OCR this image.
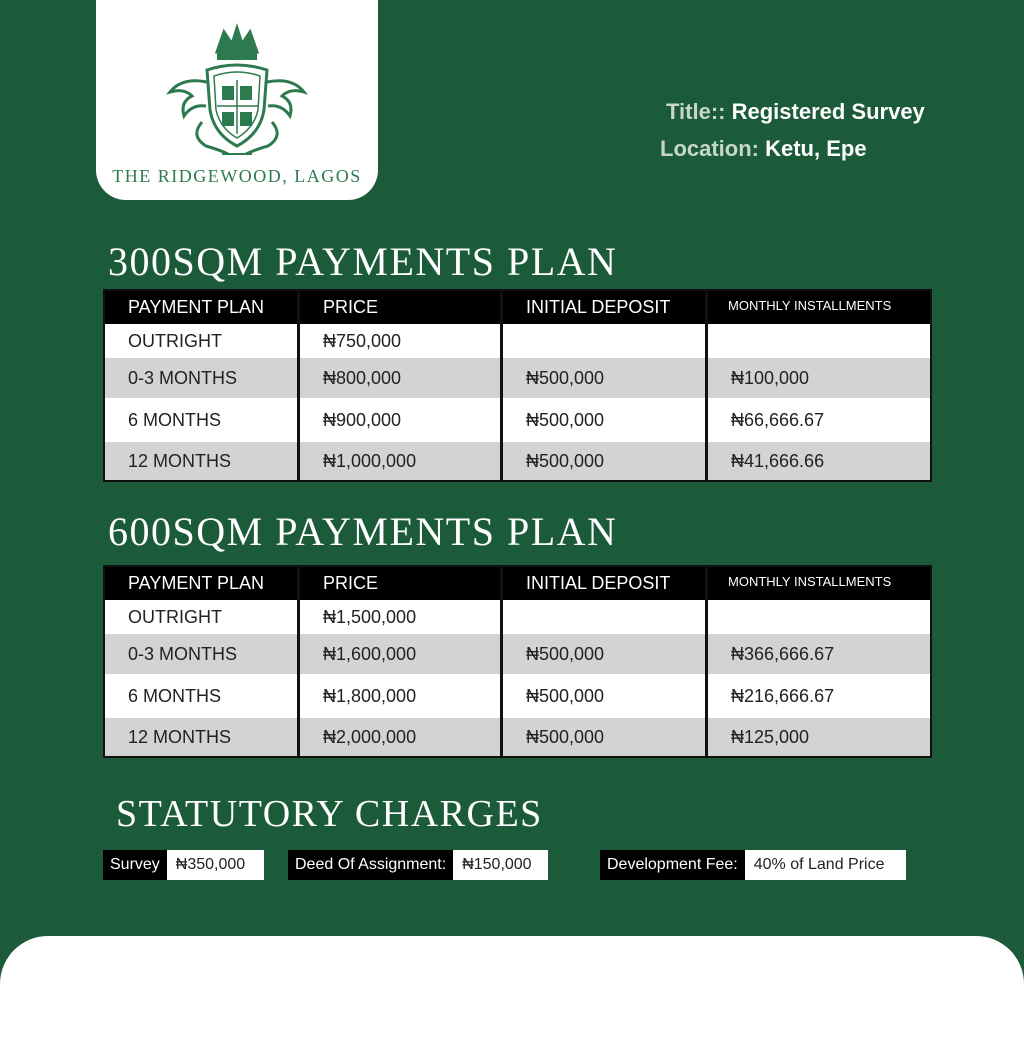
THE RIDGEWOOD, LAGOS
Title:: Registered Survey
Location: Ketu, Epe
300SQM PAYMENTS PLAN
PAYMENT PLAN	PRICE	INITIAL DEPOSIT	MONTHLY INSTALLMENTS
OUTRIGHT	₦750,000
0-3 MONTHS	₦800,000	₦500,000	₦100,000
6 MONTHS	₦900,000	₦500,000	₦66,666.67
12 MONTHS	₦1,000,000	₦500,000	₦41,666.66
600SQM PAYMENTS PLAN
PAYMENT PLAN	PRICE	INITIAL DEPOSIT	MONTHLY INSTALLMENTS
OUTRIGHT	₦1,500,000
0-3 MONTHS	₦1,600,000	₦500,000	₦366,666.67
6 MONTHS	₦1,800,000	₦500,000	₦216,666.67
12 MONTHS	₦2,000,000	₦500,000	₦125,000
STATUTORY CHARGES
Survey	₦350,000	Deed Of Assignment:	₦150,000	Development Fee:	40% of Land Price
